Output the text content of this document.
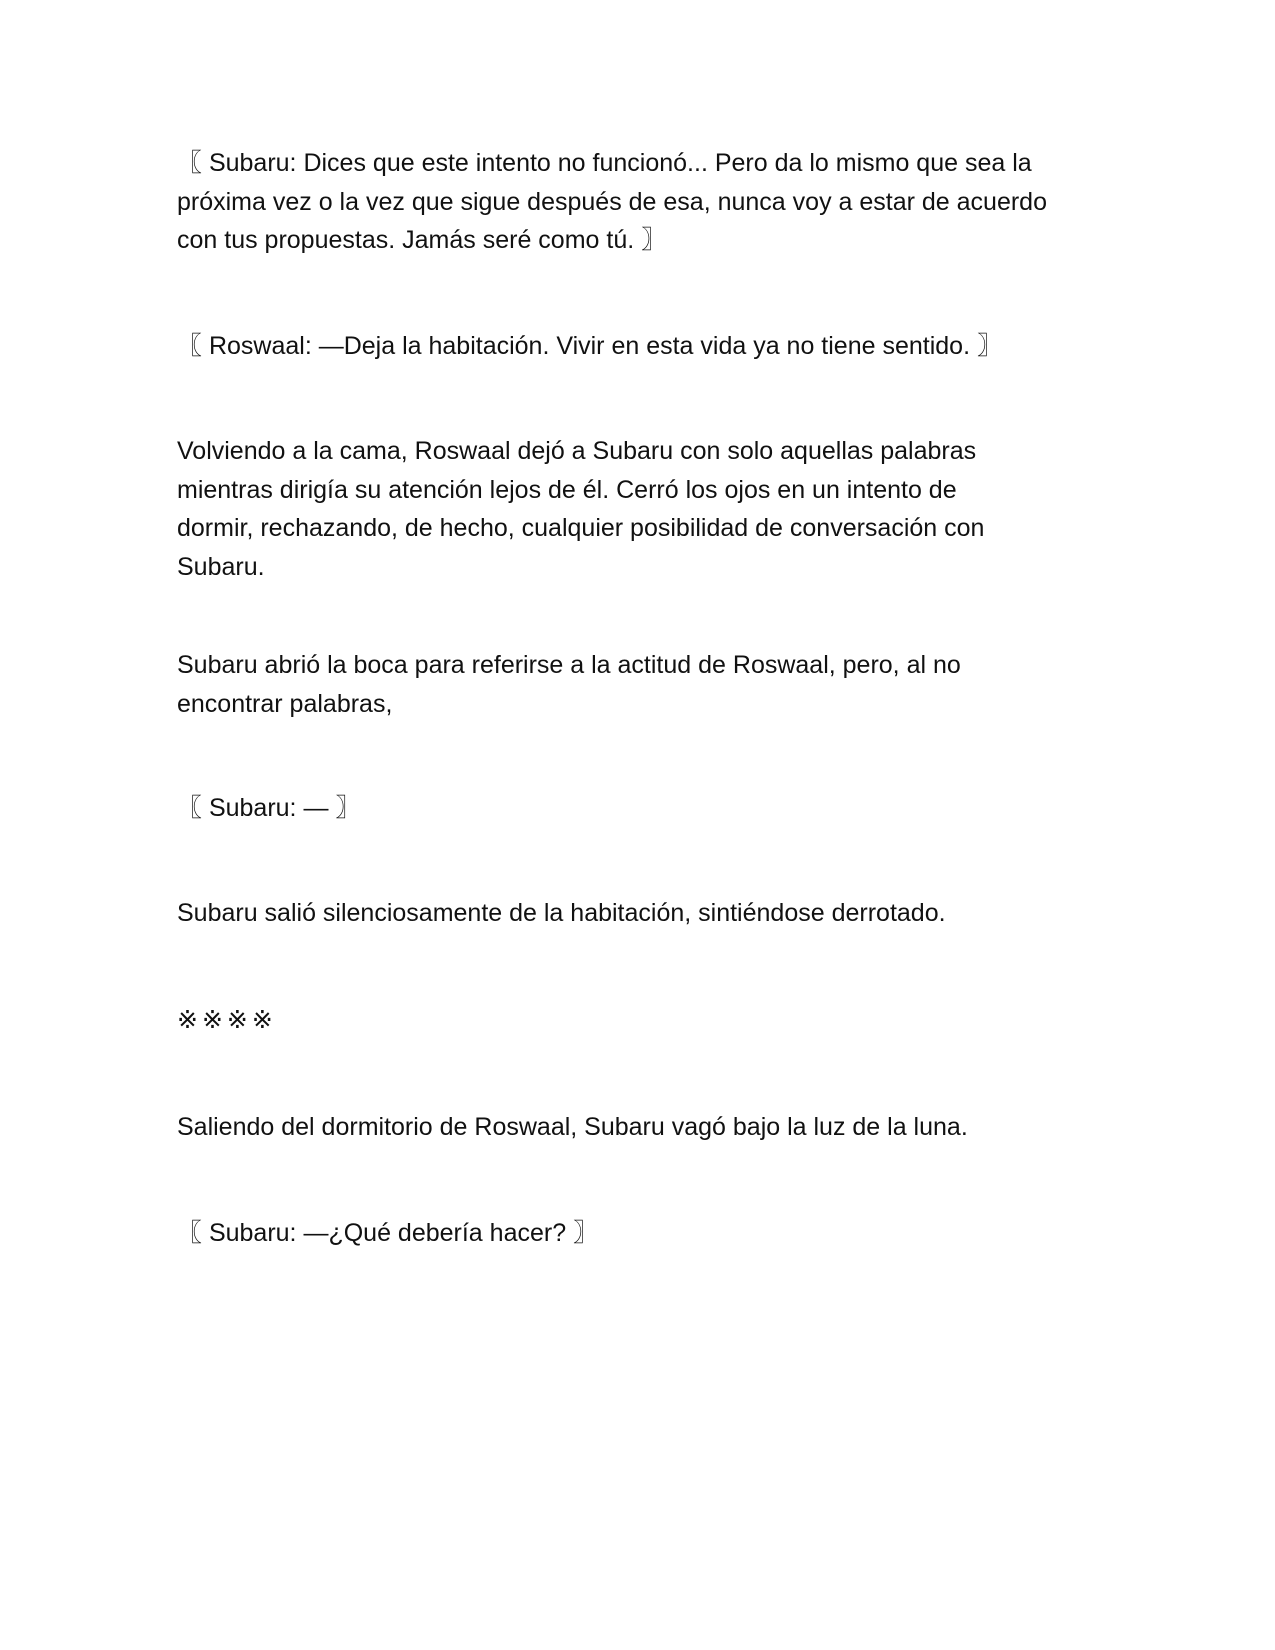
〖 Subaru: Dices que este intento no funcionó... Pero da lo mismo que sea la
próxima vez o la vez que sigue después de esa, nunca voy a estar de acuerdo
con tus propuestas. Jamás seré como tú. 〗

〖 Roswaal: —Deja la habitación. Vivir en esta vida ya no tiene sentido. 〗

Volviendo a la cama, Roswaal dejó a Subaru con solo aquellas palabras
mientras dirigía su atención lejos de él. Cerró los ojos en un intento de
dormir, rechazando, de hecho, cualquier posibilidad de conversación con
Subaru.

Subaru abrió la boca para referirse a la actitud de Roswaal, pero, al no
encontrar palabras,

〖 Subaru: — 〗

Subaru salió silenciosamente de la habitación, sintiéndose derrotado.

※※※※

Saliendo del dormitorio de Roswaal, Subaru vagó bajo la luz de la luna.

〖 Subaru: —¿Qué debería hacer? 〗
